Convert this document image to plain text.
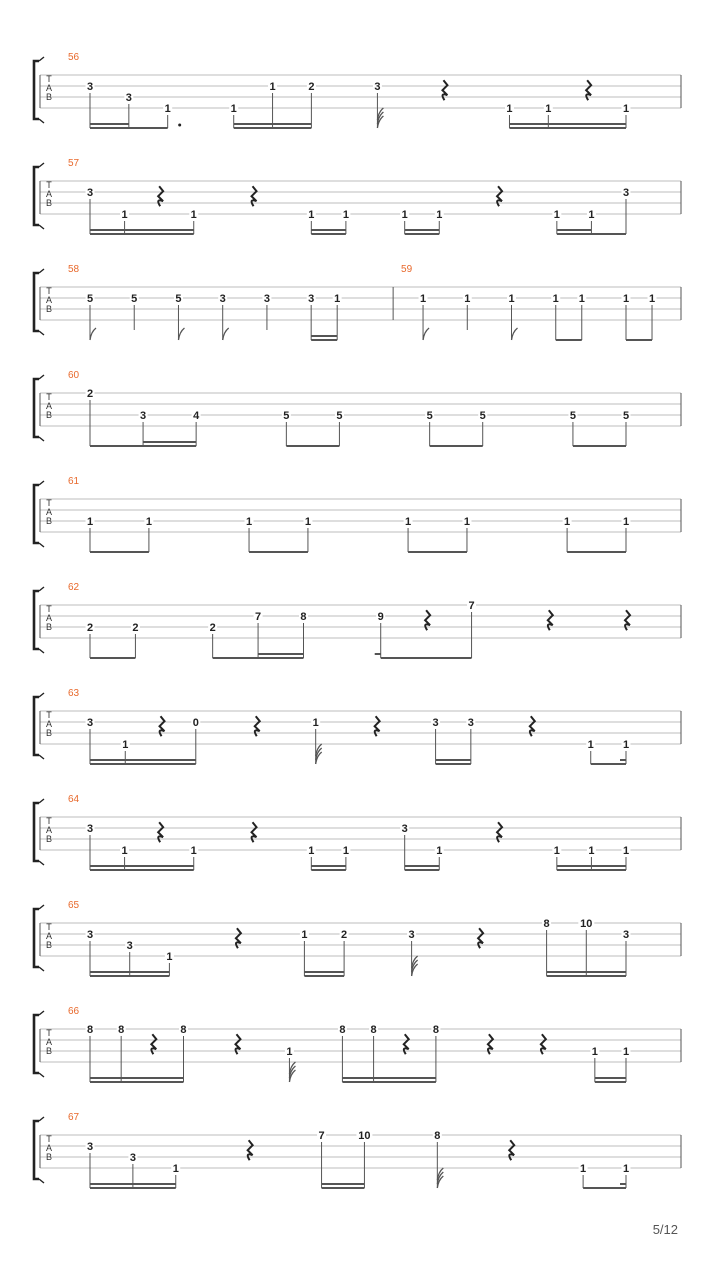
T
A
B
3
3
1	1
1	2	3
1	1	1
56
T
A
B
3
1	1	1	1	1	1	1	1
3
57
T
A
B
5	5	5	3	3	3 1	1	1	1	1 1	1 1
58	59
T
A
B
2
3	4	5	5	5	5	5	5
60
T
A
B	1	1	1	1	1	1	1	1
61
T
A
B	2	2	2
7	8	9
7
62
T
A
B
3
1
0	1	3	3
1	1
63
T
A
B
3
1	1	1	1
3
1	1	1	1
64
T
A
B
3
3
1
1	2	3
8	10
3
65
T
A
B
8 8	8
1
8 8	8
1 1
66
T
A
B
3
3
1
7	10	8
1	1
67
5/12
